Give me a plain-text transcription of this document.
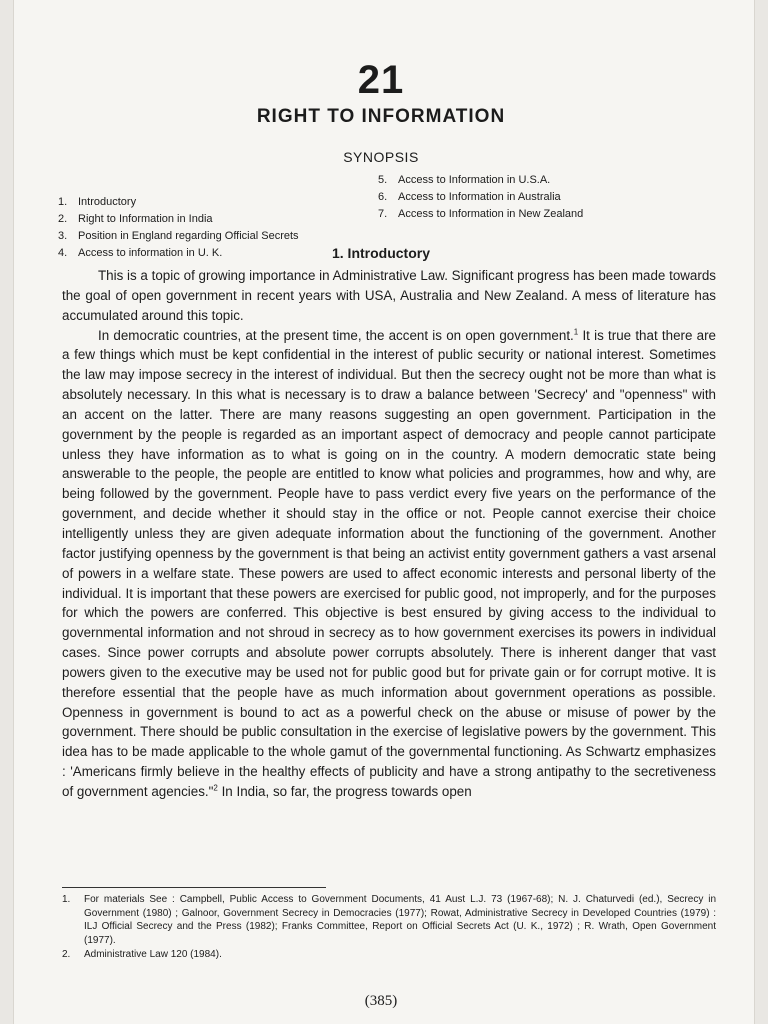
21
RIGHT TO INFORMATION
SYNOPSIS
1. Introductory
2. Right to Information in India
3. Position in England regarding Official Secrets
4. Access to information in U. K.
5. Access to Information in U.S.A.
6. Access to Information in Australia
7. Access to Information in New Zealand
1. Introductory

This is a topic of growing importance in Administrative Law. Significant progress has been made towards the goal of open government in recent years with USA, Australia and New Zealand. A mess of literature has accumulated around this topic.

In democratic countries, at the present time, the accent is on open government.$^1$ It is true that there are a few things which must be kept confidential in the interest of public security or national interest. Sometimes the law may impose secrecy in the interest of individual. But then the secrecy ought not be more than what is absolutely necessary. In this what is necessary is to draw a balance between 'Secrecy' and "openness" with an accent on the latter. There are many reasons suggesting an open government. Participation in the government by the people is regarded as an important aspect of democracy and people cannot participate unless they have information as to what is going on in the country. A modern democratic state being answerable to the people, the people are entitled to know what policies and programmes, how and why, are being followed by the government. People have to pass verdict every five years on the performance of the government, and decide whether it should stay in the office or not. People cannot exercise their choice intelligently unless they are given adequate information about the functioning of the government. Another factor justifying openness by the government is that being an activist entity government gathers a vast arsenal of powers in a welfare state. These powers are used to affect economic interests and personal liberty of the individual. It is important that these powers are exercised for public good, not improperly, and for the purposes for which the powers are conferred. This objective is best ensured by giving access to the individual to governmental information and not shroud in secrecy as to how government exercises its powers in individual cases. Since power corrupts and absolute power corrupts absolutely. There is inherent danger that vast powers given to the executive may be used not for public good but for private gain or for corrupt motive. It is therefore essential that the people have as much information about government operations as possible. Openness in government is bound to act as a powerful check on the abuse or misuse of power by the government. There should be public consultation in the exercise of legislative powers by the government. This idea has to be made applicable to the whole gamut of the governmental functioning. As Schwartz emphasizes : 'Americans firmly believe in the healthy effects of publicity and have a strong antipathy to the secretiveness of government agencies."$^2$ In India, so far, the progress towards open

1. For materials See : Campbell, Public Access to Government Documents, 41 Aust L.J. 73 (1967-68); N. J. Chaturvedi (ed.), Secrecy in Government (1980) ; Galnoor, Government Secrecy in Democracies (1977); Rowat, Administrative Secrecy in Developed Countries (1979) : ILJ Official Secrecy and the Press (1982); Franks Committee, Report on Official Secrets Act (U. K., 1972) ; R. Wrath, Open Government (1977).

2. Administrative Law 120 (1984).

(385)
